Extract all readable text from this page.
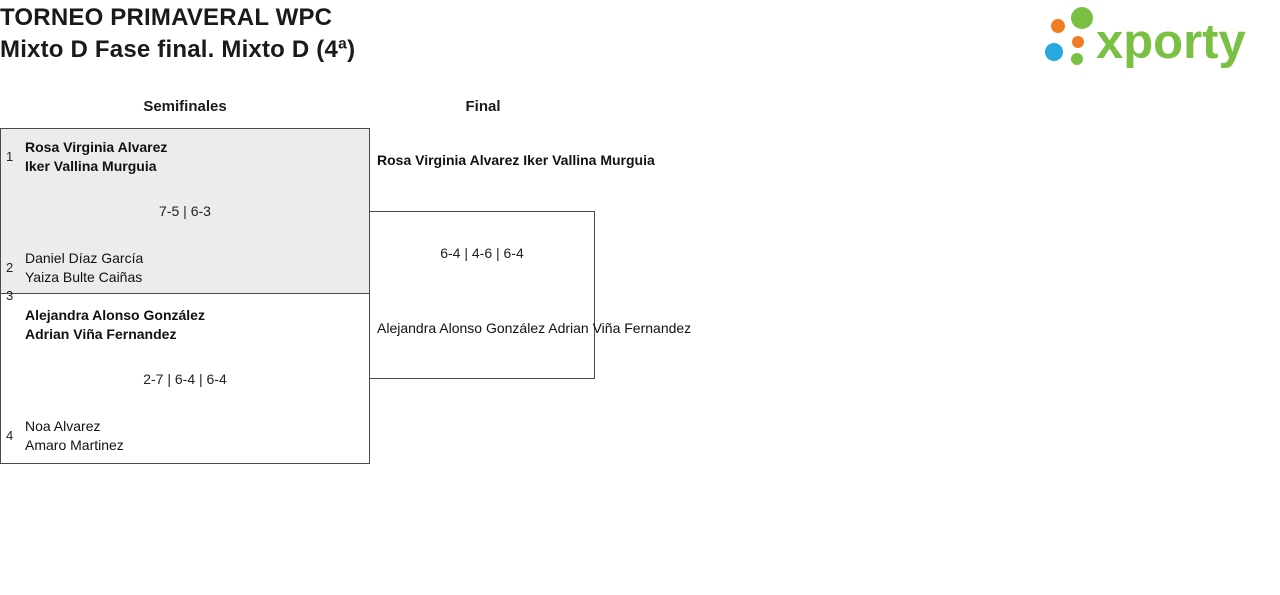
TORNEO PRIMAVERAL WPC
Mixto D Fase final. Mixto D (4ª)	xporty
Semifinales	Final
1
Rosa Virginia Alvarez
Iker Vallina Murguia
7-5 | 6-3
2
Daniel Díaz García
Yaiza Bulte Caiñas
3
Alejandra Alonso González
Adrian Viña Fernandez
2-7 | 6-4 | 6-4
4
Noa Alvarez
Amaro Martinez
Rosa Virginia Alvarez Iker Vallina Murguia
6-4 | 4-6 | 6-4
Alejandra Alonso González Adrian Viña Fernandez
